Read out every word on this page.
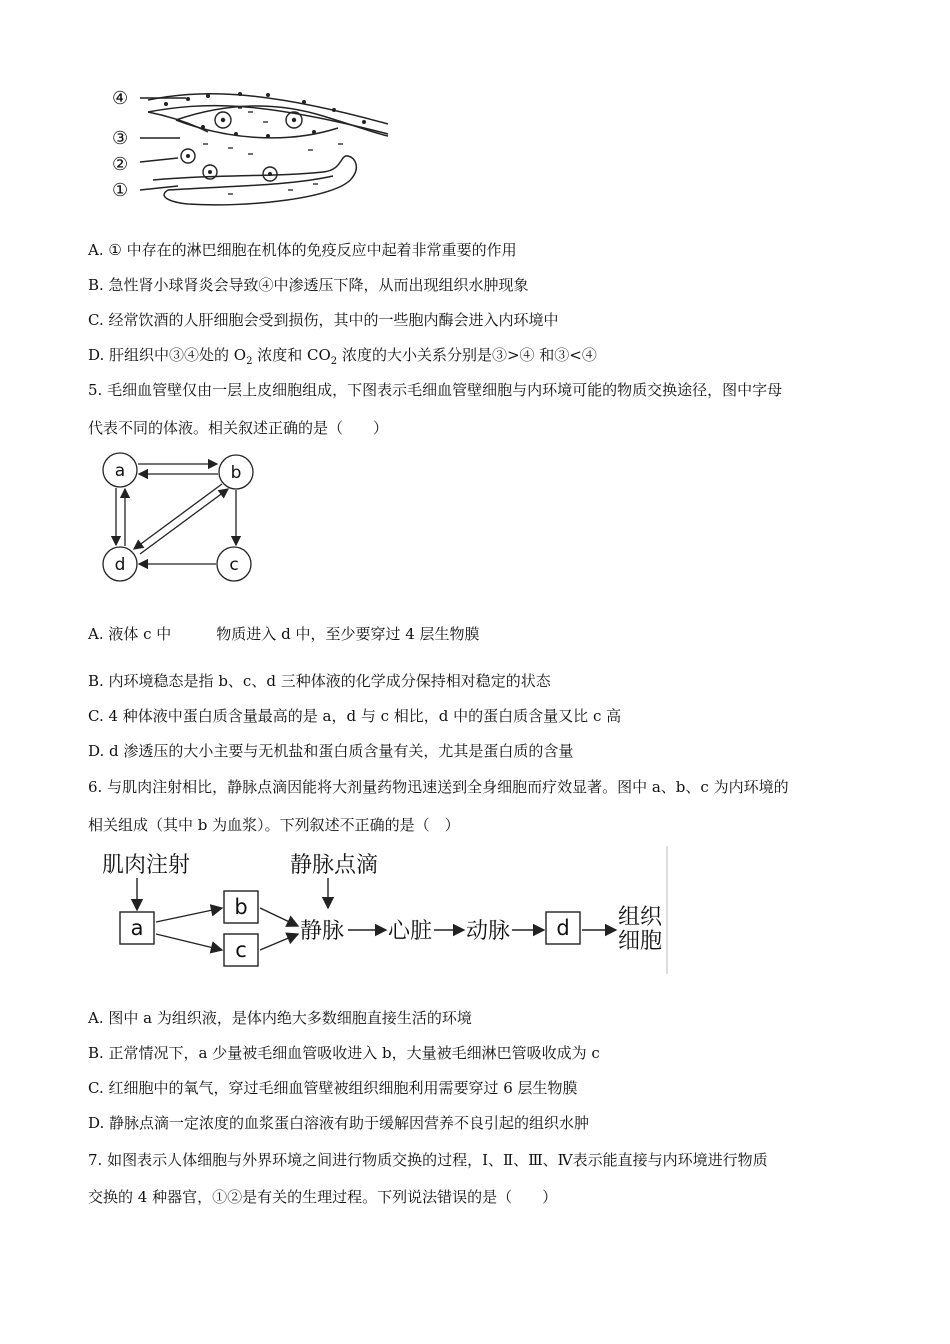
④
③
②
①
A. ① 中存在的淋巴细胞在机体的免疫反应中起着非常重要的作用
B. 急性肾小球肾炎会导致④中渗透压下降，从而出现组织水肿现象
C. 经常饮酒的人肝细胞会受到损伤，其中的一些胞内酶会进入内环境中
D. 肝组织中③④处的 $O_2$ 浓度和 $CO_2$ 浓度的大小关系分别是③>④ 和③<④
5. 毛细血管壁仅由一层上皮细胞组成，下图表示毛细血管壁细胞与内环境可能的物质交换途径，图中字母
代表不同的体液。相关叙述正确的是（　　）
a	b
c
d
A. 液体 c 中　　　物质进入 d 中，至少要穿过 4 层生物膜
B. 内环境稳态是指 b、c、d 三种体液的化学成分保持相对稳定的状态
C. 4 种体液中蛋白质含量最高的是 a，d 与 c 相比，d 中的蛋白质含量又比 c 高
D. d 渗透压的大小主要与无机盐和蛋白质含量有关，尤其是蛋白质的含量
6. 与肌肉注射相比，静脉点滴因能将大剂量药物迅速送到全身细胞而疗效显著。图中 a、b、c 为内环境的
相关组成（其中 b 为血浆）。下列叙述不正确的是（　）
肌肉注射	静脉点滴
静脉 心脏 动脉
组织
细胞
a
b
c
d
A. 图中 a 为组织液，是体内绝大多数细胞直接生活的环境
B. 正常情况下，a 少量被毛细血管吸收进入 b，大量被毛细淋巴管吸收成为 c
C. 红细胞中的氧气，穿过毛细血管壁被组织细胞利用需要穿过 6 层生物膜
D. 静脉点滴一定浓度的血浆蛋白溶液有助于缓解因营养不良引起的组织水肿
7. 如图表示人体细胞与外界环境之间进行物质交换的过程，Ⅰ、Ⅱ、Ⅲ、Ⅳ表示能直接与内环境进行物质
交换的 4 种器官，①②是有关的生理过程。下列说法错误的是（　　）
